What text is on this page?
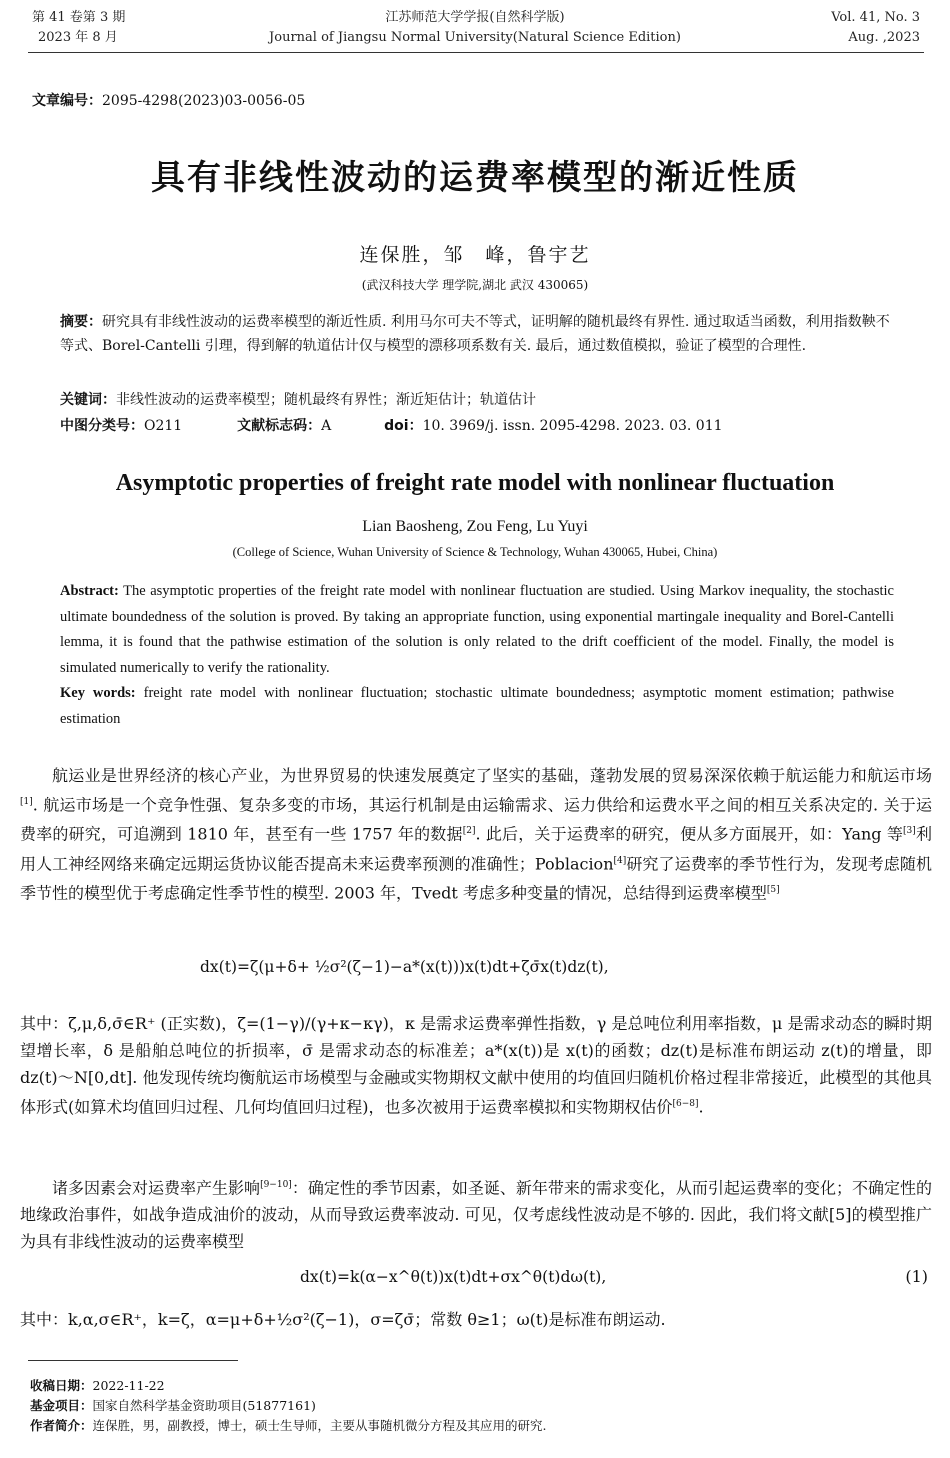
第 41 卷第 3 期
2023 年 8 月
江苏师范大学学报(自然科学版)
Journal of Jiangsu Normal University(Natural Science Edition)
Vol. 41, No. 3
Aug. ,2023
文章编号：2095-4298(2023)03-0056-05
具有非线性波动的运费率模型的渐近性质
连保胜，邹　峰，鲁宇艺
(武汉科技大学 理学院,湖北 武汉 430065)
摘要：研究具有非线性波动的运费率模型的渐近性质. 利用马尔可夫不等式，证明解的随机最终有界性. 通过取适当函数，利用指数鞅不等式、Borel-Cantelli 引理，得到解的轨道估计仅与模型的漂移项系数有关. 最后，通过数值模拟，验证了模型的合理性.
关键词：非线性波动的运费率模型；随机最终有界性；渐近矩估计；轨道估计
中图分类号：O211	文献标志码：A	doi：10. 3969/j. issn. 2095-4298. 2023. 03. 011
Asymptotic properties of freight rate model with nonlinear fluctuation
Lian Baosheng, Zou Feng, Lu Yuyi
(College of Science, Wuhan University of Science & Technology, Wuhan 430065, Hubei, China)
Abstract: The asymptotic properties of the freight rate model with nonlinear fluctuation are studied. Using Markov inequality, the stochastic ultimate boundedness of the solution is proved. By taking an appropriate function, using exponential martingale inequality and Borel-Cantelli lemma, it is found that the pathwise estimation of the solution is only related to the drift coefficient of the model. Finally, the model is simulated numerically to verify the rationality.
Key words: freight rate model with nonlinear fluctuation; stochastic ultimate boundedness; asymptotic moment estimation; pathwise estimation
航运业是世界经济的核心产业，为世界贸易的快速发展奠定了坚实的基础，蓬勃发展的贸易深深依赖于航运能力和航运市场[1]. 航运市场是一个竞争性强、复杂多变的市场，其运行机制是由运输需求、运力供给和运费水平之间的相互关系决定的. 关于运费率的研究，可追溯到 1810 年，甚至有一些 1757 年的数据[2]. 此后，关于运费率的研究，便从多方面展开，如：Yang 等[3]利用人工神经网络来确定远期运货协议能否提高未来运费率预测的准确性；Poblacion[4]研究了运费率的季节性行为，发现考虑随机季节性的模型优于考虑确定性季节性的模型. 2003 年，Tvedt 考虑多种变量的情况，总结得到运费率模型[5]
dx(t)=ζ(μ+δ+ ½σ²(ζ−1)−a*(x(t)))x(t)dt+ζσ̄x(t)dz(t),
其中：ζ,μ,δ,σ̄∈R⁺ (正实数)，ζ=(1−γ)/(γ+κ−κγ)，κ 是需求运费率弹性指数，γ 是总吨位利用率指数，μ 是需求动态的瞬时期望增长率，δ 是船舶总吨位的折损率，σ̄ 是需求动态的标准差；a*(x(t))是 x(t)的函数；dz(t)是标准布朗运动 z(t)的增量，即 dz(t)～N[0,dt]. 他发现传统均衡航运市场模型与金融或实物期权文献中使用的均值回归随机价格过程非常接近，此模型的其他具体形式(如算术均值回归过程、几何均值回归过程)，也多次被用于运费率模拟和实物期权估价[6−8].
诸多因素会对运费率产生影响[9−10]：确定性的季节因素，如圣诞、新年带来的需求变化，从而引起运费率的变化；不确定性的地缘政治事件，如战争造成油价的波动，从而导致运费率波动. 可见，仅考虑线性波动是不够的. 因此，我们将文献[5]的模型推广为具有非线性波动的运费率模型
dx(t)=k(α−x^θ(t))x(t)dt+σx^θ(t)dω(t),	(1)
其中：k,α,σ∈R⁺，k=ζ，α=μ+δ+½σ²(ζ−1)，σ=ζσ̄；常数 θ≥1；ω(t)是标准布朗运动.
收稿日期：2022-11-22
基金项目：国家自然科学基金资助项目(51877161)
作者简介：连保胜，男，副教授，博士，硕士生导师，主要从事随机微分方程及其应用的研究.
